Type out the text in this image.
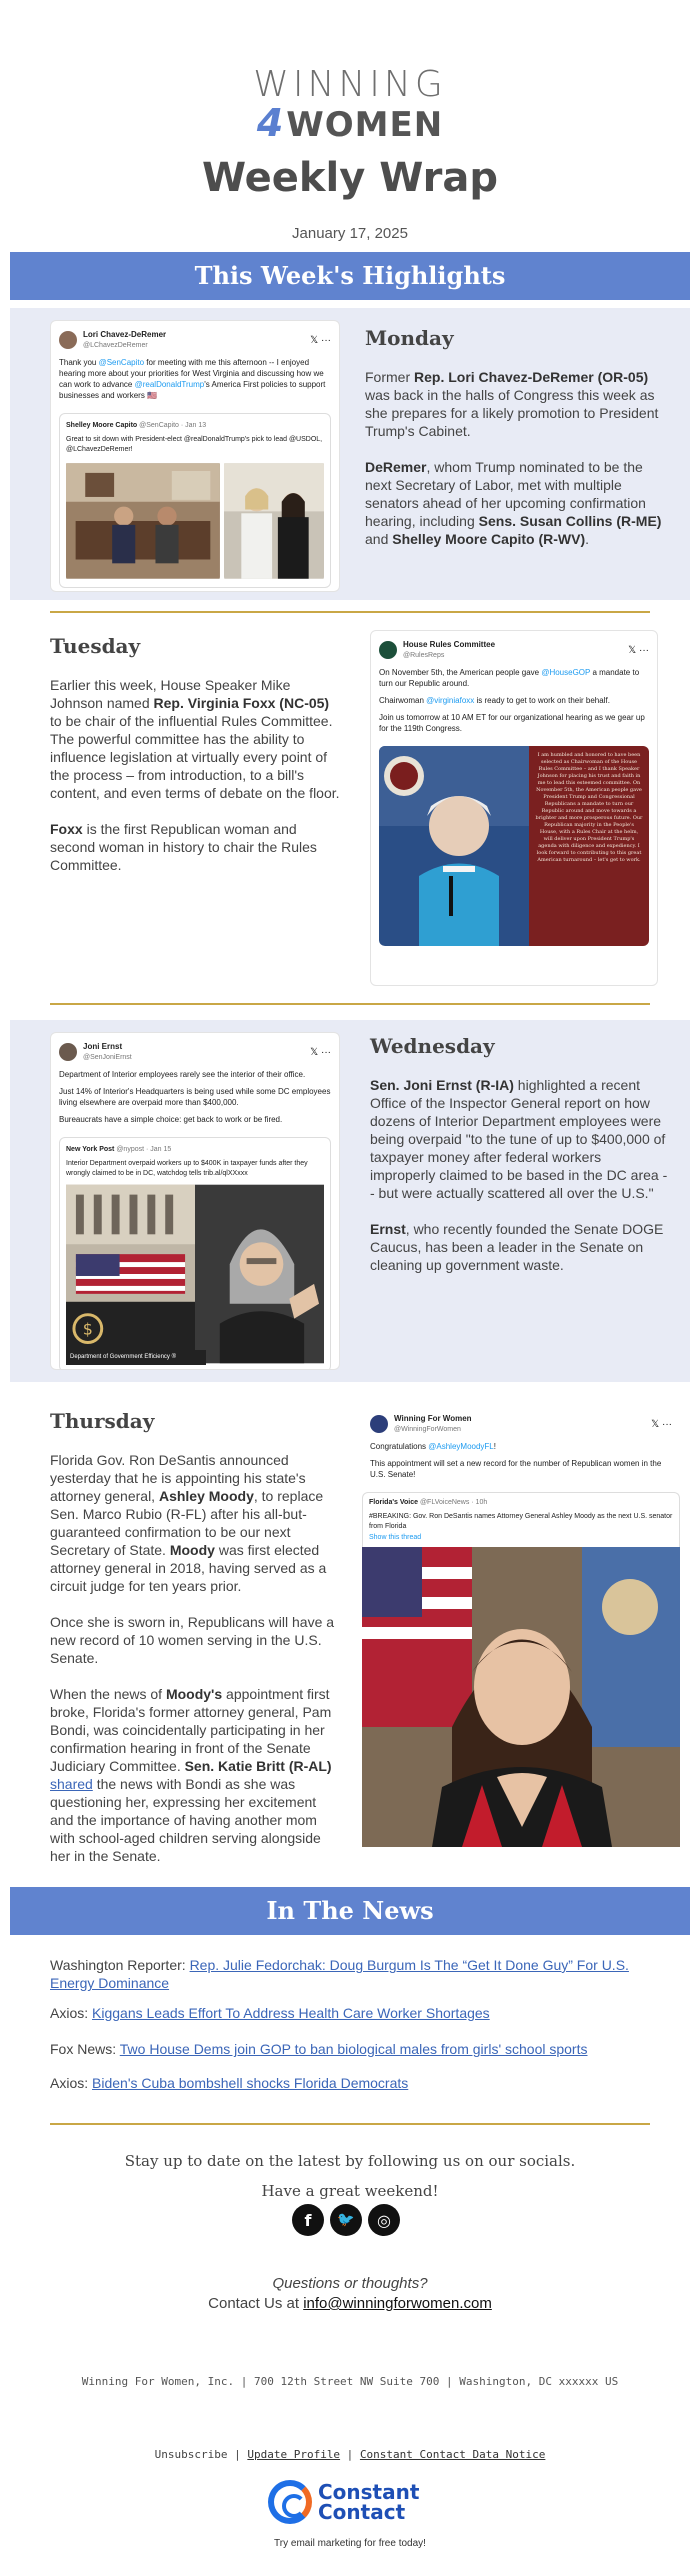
WINNING
4WOMEN
Weekly Wrap
January 17, 2025
This Week's Highlights
Lori Chavez-DeRemer
@LChavezDeRemer	𝕏 ···

Thank you @SenCapito for meeting with me this afternoon -- I enjoyed hearing more about your priorities for West Virginia and discussing how we can work to advance @realDonaldTrump's America First policies to support businesses and workers 🇺🇸

Shelley Moore Capito @SenCapito · Jan 13
Great to sit down with President-elect @realDonaldTrump's pick to lead @USDOL, @LChavezDeRemer!
Monday

Former Rep. Lori Chavez-DeRemer (OR-05) was back in the halls of Congress this week as she prepares for a likely promotion to President Trump's Cabinet.

DeRemer, whom Trump nominated to be the next Secretary of Labor, met with multiple senators ahead of her upcoming confirmation hearing, including Sens. Susan Collins (R-ME) and Shelley Moore Capito (R-WV).

Tuesday

Earlier this week, House Speaker Mike Johnson named Rep. Virginia Foxx (NC-05) to be chair of the influential Rules Committee. The powerful committee has the ability to influence legislation at virtually every point of the process – from introduction, to a bill's content, and even terms of debate on the floor.

Foxx is the first Republican woman and second woman in history to chair the Rules Committee.

House Rules Committee
@RulesReps	𝕏 ···

On November 5th, the American people gave @HouseGOP a mandate to turn our Republic around.

Chairwoman @virginiafoxx is ready to get to work on their behalf.

Join us tomorrow at 10 AM ET for our organizational hearing as we gear up for the 119th Congress.

I am humbled and honored to have been selected as Chairwoman of the House Rules Committee – and I thank Speaker Johnson for placing his trust and faith in me to lead this esteemed committee. On November 5th, the American people gave President Trump and Congressional Republicans a mandate to turn our Republic around and move towards a brighter and more prosperous future. Our Republican majority in the People's House, with a Rules Chair at the helm, will deliver upon President Trump's agenda with diligence and expediency. I look forward to contributing to this great American turnaround – let's get to work.
Joni Ernst
@SenJoniErnst	𝕏 ···

Department of Interior employees rarely see the interior of their office.

Just 14% of Interior's Headquarters is being used while some DC employees living elsewhere are overpaid more than $400,000.

Bureaucrats have a simple choice: get back to work or be fired.

New York Post @nypost · Jan 15
Interior Department overpaid workers up to $400K in taxpayer funds after they wrongly claimed to be in DC, watchdog tells trib.al/qlXXxxx
$
Department of Government Efficiency ®
Wednesday

Sen. Joni Ernst (R-IA) highlighted a recent Office of the Inspector General report on how dozens of Interior Department employees were being overpaid "to the tune of up to $400,000 of taxpayer money after federal workers improperly claimed to be based in the DC area -- but were actually scattered all over the U.S."

Ernst, who recently founded the Senate DOGE Caucus, has been a leader in the Senate on cleaning up government waste.

Thursday

Florida Gov. Ron DeSantis announced yesterday that he is appointing his state's attorney general, Ashley Moody, to replace Sen. Marco Rubio (R-FL) after his all-but-guaranteed confirmation to be our next Secretary of State. Moody was first elected attorney general in 2018, having served as a circuit judge for ten years prior.

Once she is sworn in, Republicans will have a new record of 10 women serving in the U.S. Senate.

When the news of Moody's appointment first broke, Florida's former attorney general, Pam Bondi, was coincidentally participating in her confirmation hearing in front of the Senate Judiciary Committee. Sen. Katie Britt (R-AL) shared the news with Bondi as she was questioning her, expressing her excitement and the importance of having another mom with school-aged children serving alongside her in the Senate.

Winning For Women
@WinningForWomen	𝕏 ···

Congratulations @AshleyMoodyFL!

This appointment will set a new record for the number of Republican women in the U.S. Senate!

Florida's Voice @FLVoiceNews · 10h
#BREAKING: Gov. Ron DeSantis names Attorney General Ashley Moody as the next U.S. senator from Florida
Show this thread
In The News
Washington Reporter: Rep. Julie Fedorchak: Doug Burgum Is The “Get It Done Guy” For U.S. Energy Dominance
Axios: Kiggans Leads Effort To Address Health Care Worker Shortages
Fox News: Two House Dems join GOP to ban biological males from girls' school sports
Axios: Biden's Cuba bombshell shocks Florida Democrats
Stay up to date on the latest by following us on our socials.
Have a great weekend!
f	🐦	◎
Questions or thoughts?
Contact Us at info@winningforwomen.com
Winning For Women, Inc. | 700 12th Street NW Suite 700 | Washington, DC xxxxxx US
Unsubscribe | Update Profile | Constant Contact Data Notice
Constant
Contact
Try email marketing for free today!
